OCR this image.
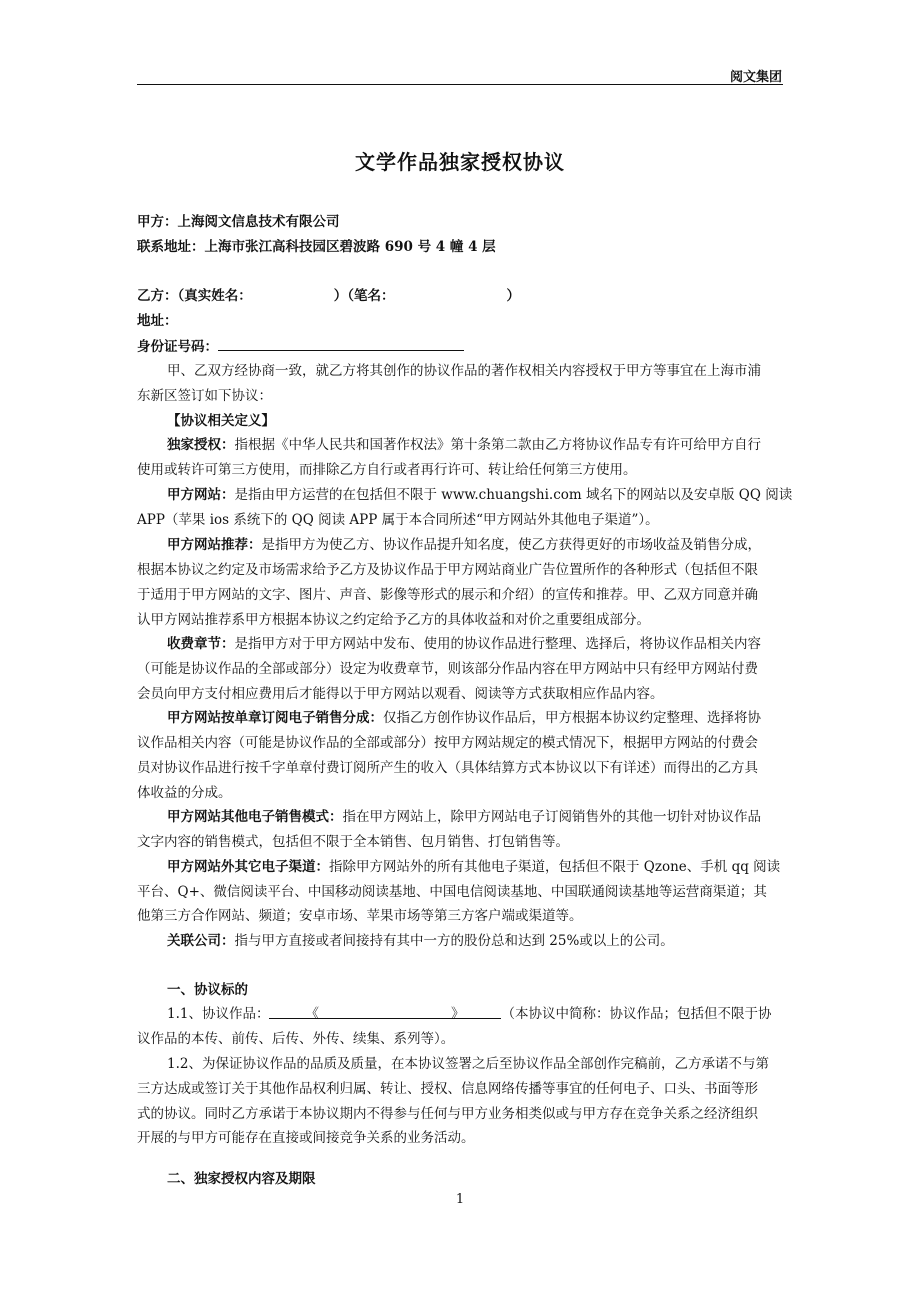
阅文集团
文学作品独家授权协议
甲方：上海阅文信息技术有限公司
联系地址：上海市张江高科技园区碧波路 690 号 4 幢 4 层
乙方：（真实姓名：	）（笔名：	）
地址：
身份证号码：
甲、乙双方经协商一致，就乙方将其创作的协议作品的著作权相关内容授权于甲方等事宜在上海市浦
东新区签订如下协议：
【协议相关定义】
独家授权：指根据《中华人民共和国著作权法》第十条第二款由乙方将协议作品专有许可给甲方自行
使用或转许可第三方使用，而排除乙方自行或者再行许可、转让给任何第三方使用。
甲方网站：是指由甲方运营的在包括但不限于 www.chuangshi.com 域名下的网站以及安卓版 QQ 阅读
APP（苹果 ios 系统下的 QQ 阅读 APP 属于本合同所述“甲方网站外其他电子渠道”）。
甲方网站推荐：是指甲方为使乙方、协议作品提升知名度，使乙方获得更好的市场收益及销售分成，
根据本协议之约定及市场需求给予乙方及协议作品于甲方网站商业广告位置所作的各种形式（包括但不限
于适用于甲方网站的文字、图片、声音、影像等形式的展示和介绍）的宣传和推荐。甲、乙双方同意并确
认甲方网站推荐系甲方根据本协议之约定给予乙方的具体收益和对价之重要组成部分。
收费章节：是指甲方对于甲方网站中发布、使用的协议作品进行整理、选择后，将协议作品相关内容
（可能是协议作品的全部或部分）设定为收费章节，则该部分作品内容在甲方网站中只有经甲方网站付费
会员向甲方支付相应费用后才能得以于甲方网站以观看、阅读等方式获取相应作品内容。
甲方网站按单章订阅电子销售分成：仅指乙方创作协议作品后，甲方根据本协议约定整理、选择将协
议作品相关内容（可能是协议作品的全部或部分）按甲方网站规定的模式情况下，根据甲方网站的付费会
员对协议作品进行按千字单章付费订阅所产生的收入（具体结算方式本协议以下有详述）而得出的乙方具
体收益的分成。
甲方网站其他电子销售模式：指在甲方网站上，除甲方网站电子订阅销售外的其他一切针对协议作品
文字内容的销售模式，包括但不限于全本销售、包月销售、打包销售等。
甲方网站外其它电子渠道：指除甲方网站外的所有其他电子渠道，包括但不限于 Qzone、手机 qq 阅读
平台、Q+、微信阅读平台、中国移动阅读基地、中国电信阅读基地、中国联通阅读基地等运营商渠道；其
他第三方合作网站、频道；安卓市场、苹果市场等第三方客户端或渠道等。
关联公司：指与甲方直接或者间接持有其中一方的股份总和达到 25%或以上的公司。
一、协议标的
1.1、协议作品：	《	》	（本协议中简称：协议作品；包括但不限于协
议作品的本传、前传、后传、外传、续集、系列等）。
1.2、为保证协议作品的品质及质量，在本协议签署之后至协议作品全部创作完稿前，乙方承诺不与第
三方达成或签订关于其他作品权利归属、转让、授权、信息网络传播等事宜的任何电子、口头、书面等形
式的协议。同时乙方承诺于本协议期内不得参与任何与甲方业务相类似或与甲方存在竞争关系之经济组织
开展的与甲方可能存在直接或间接竞争关系的业务活动。
二、独家授权内容及期限
1
